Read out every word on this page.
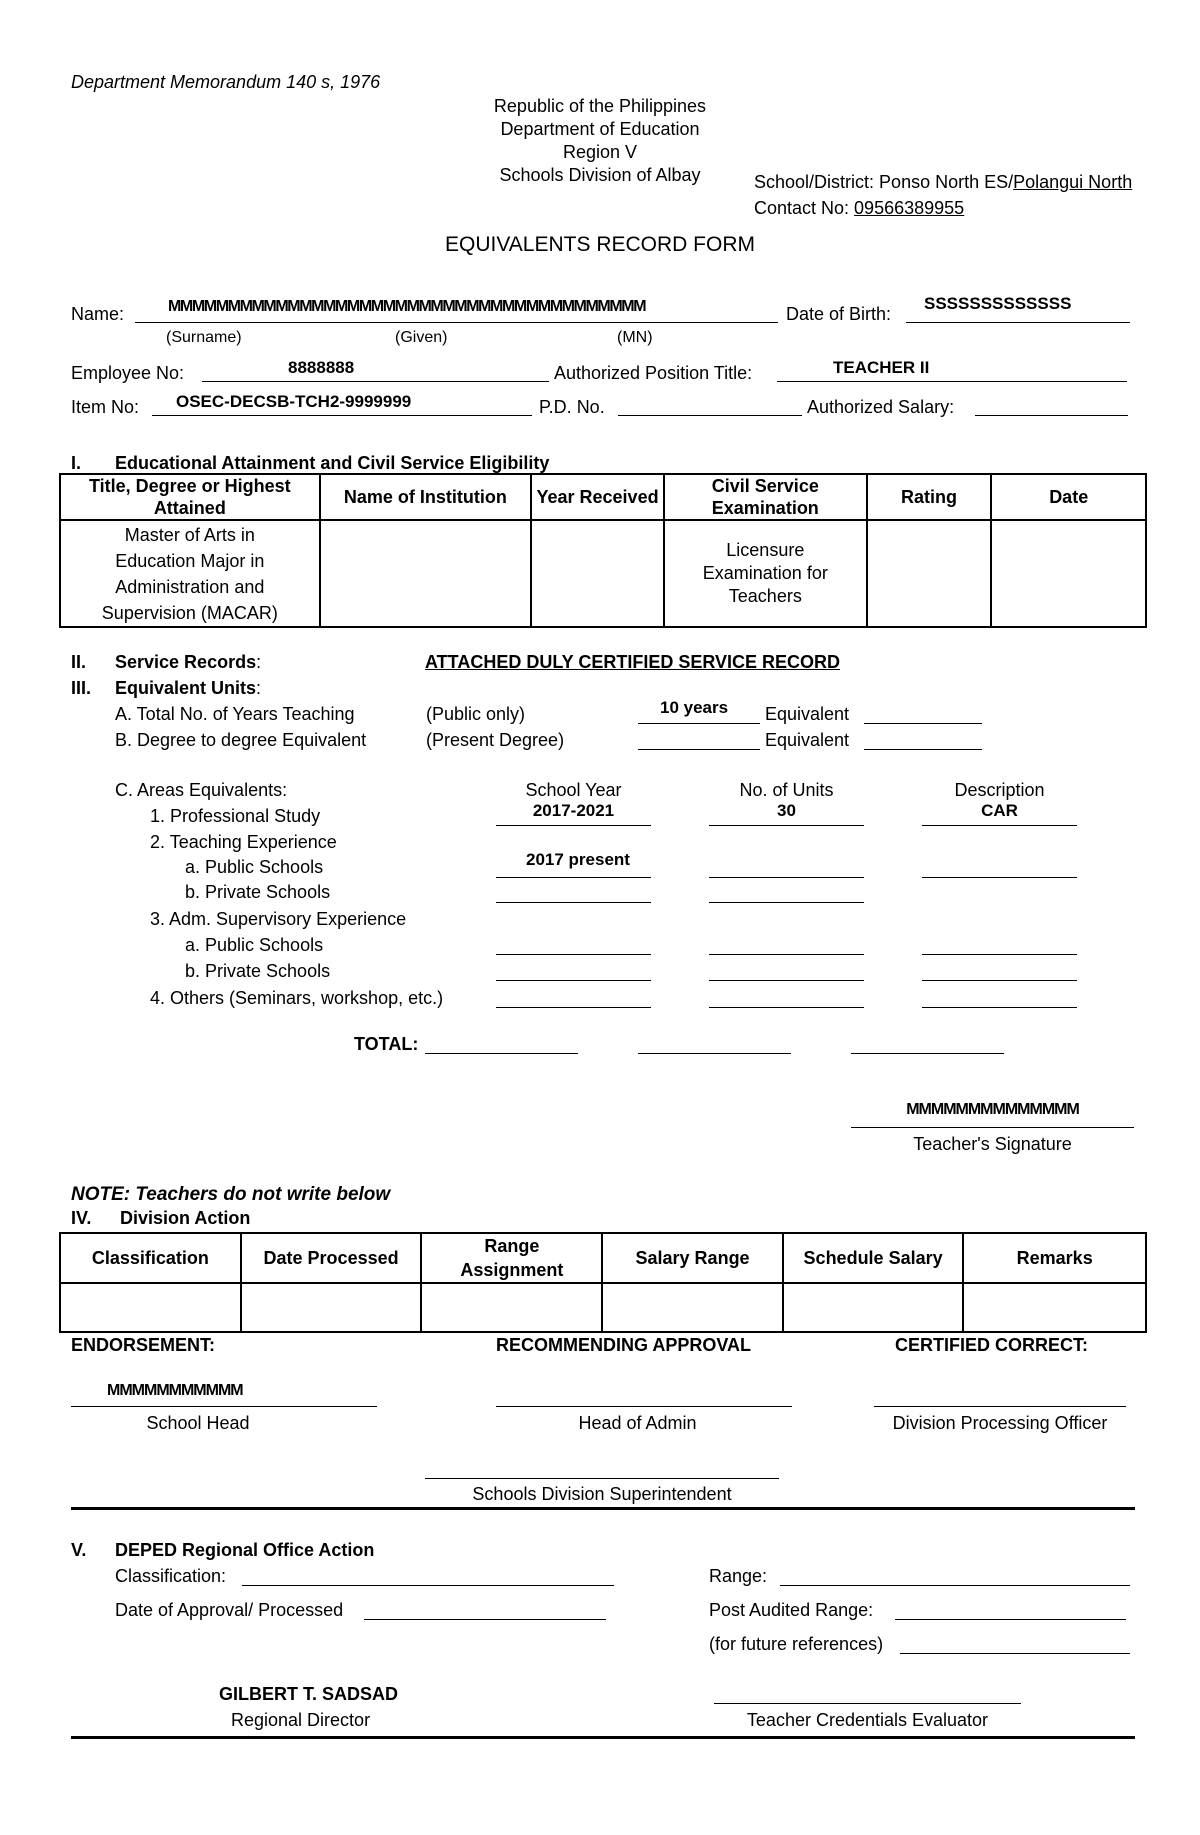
Department Memorandum 140 s, 1976
Republic of the Philippines
Department of Education
Region V
Schools Division of Albay	School/District: Ponso North ES/Polangui North
Contact No: 09566389955
EQUIVALENTS RECORD FORM
Name:	MMMMMMMMMMMMMMMMMMMMMMMMMMMMMMMMMMMMMMMM	Date of Birth:
SSSSSSSSSSSSS
(Surname)	(Given)	(MN)
Employee No:	8888888	Authorized Position Title:	TEACHER II
Item No: OSEC-DECSB-TCH2-9999999	P.D. No.	Authorized Salary:
I. Educational Attainment and Civil Service Eligibility
Title, Degree or Highest Attained	Name of Institution	Year Received	Civil Service Examination	Rating	Date
Master of Arts in Education Major in Administration and Supervision (MACAR)			Licensure Examination for Teachers		
II. Service Records:	ATTACHED DULY CERTIFIED SERVICE RECORD
III. Equivalent Units:
A. Total No. of Years Teaching	(Public only)	10 years Equivalent
B. Degree to degree Equivalent	(Present Degree)	Equivalent
C. Areas Equivalents:	School Year	No. of Units	Description
1. Professional Study	2017-2021	30	CAR
2. Teaching Experience
a. Public Schools	2017 present
b. Private Schools
3. Adm. Supervisory Experience
a. Public Schools
b. Private Schools
4. Others (Seminars, workshop, etc.)
TOTAL:
MMMMMMMMMMMMMM
Teacher's Signature
NOTE: Teachers do not write below
IV. Division Action
Classification	Date Processed	Range Assignment	Salary Range	Schedule Salary	Remarks

ENDORSEMENT:	RECOMMENDING APPROVAL	CERTIFIED CORRECT:
MMMMMMMMMMM
School Head	Head of Admin	Division Processing Officer
Schools Division Superintendent
V. DEPED Regional Office Action
Classification:	Range:
Date of Approval/ Processed	Post Audited Range:
(for future references)
GILBERT T. SADSAD
Regional Director	Teacher Credentials Evaluator
